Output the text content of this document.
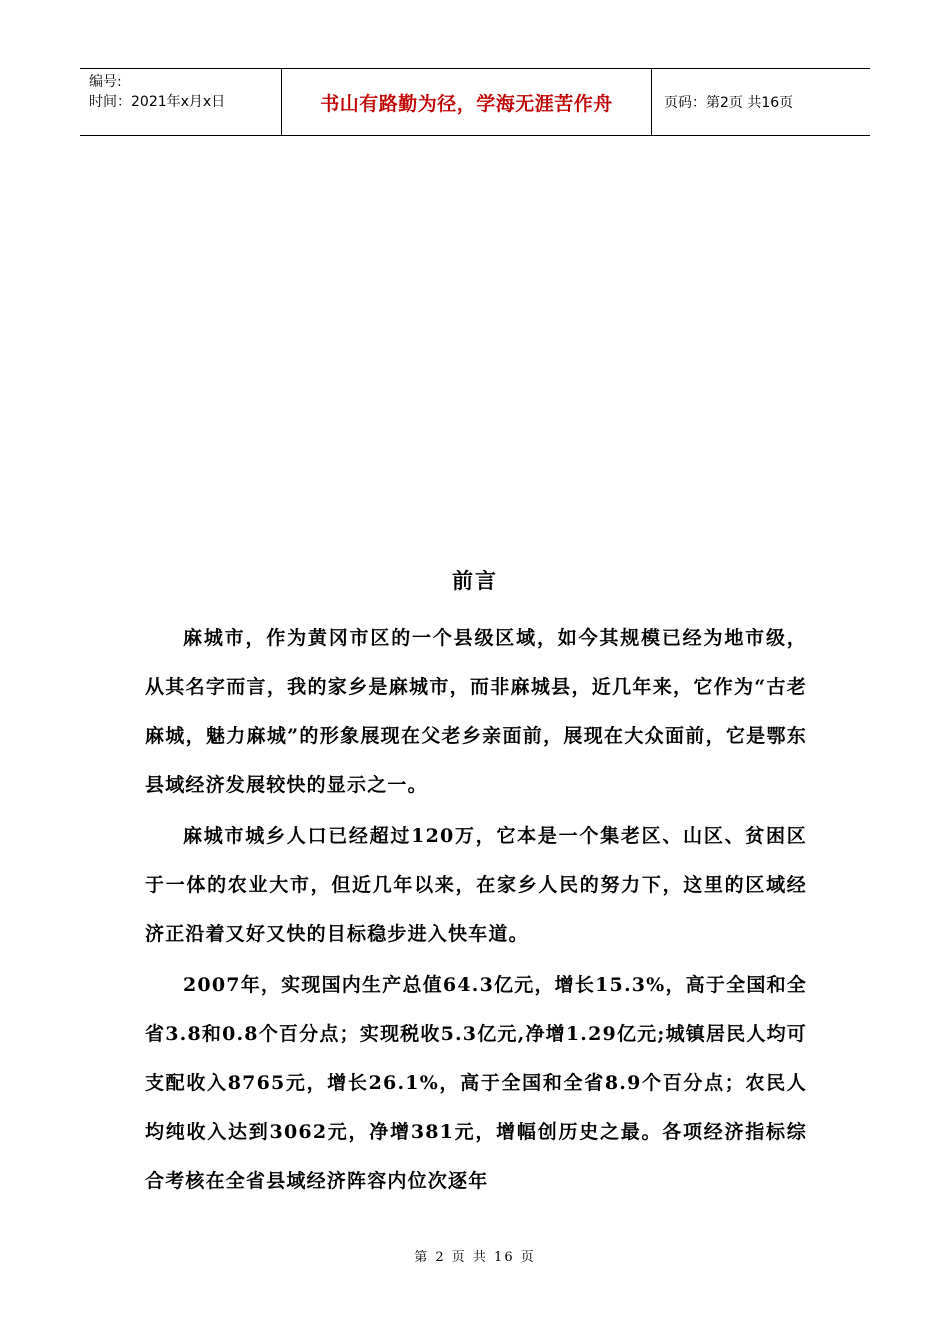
编号:
时间：2021年x月x日	书山有路勤为径，学海无涯苦作舟	页码：第2页 共16页
前言

麻城市，作为黄冈市区的一个县级区域，如今其规模已经为地市级，从其名字而言，我的家乡是麻城市，而非麻城县，近几年来，它作为“古老麻城，魅力麻城”的形象展现在父老乡亲面前，展现在大众面前，它是鄂东县域经济发展较快的显示之一。

麻城市城乡人口已经超过120万，它本是一个集老区、山区、贫困区于一体的农业大市，但近几年以来，在家乡人民的努力下，这里的区域经济正沿着又好又快的目标稳步进入快车道。

2007年，实现国内生产总值64.3亿元，增长15.3%，高于全国和全省3.8和0.8个百分点；实现税收5.3亿元,净增1.29亿元;城镇居民人均可支配收入8765元，增长26.1%，高于全国和全省8.9个百分点；农民人均纯收入达到3062元，净增381元，增幅创历史之最。各项经济指标综合考核在全省县域经济阵容内位次逐年

第 2 页 共 16 页
